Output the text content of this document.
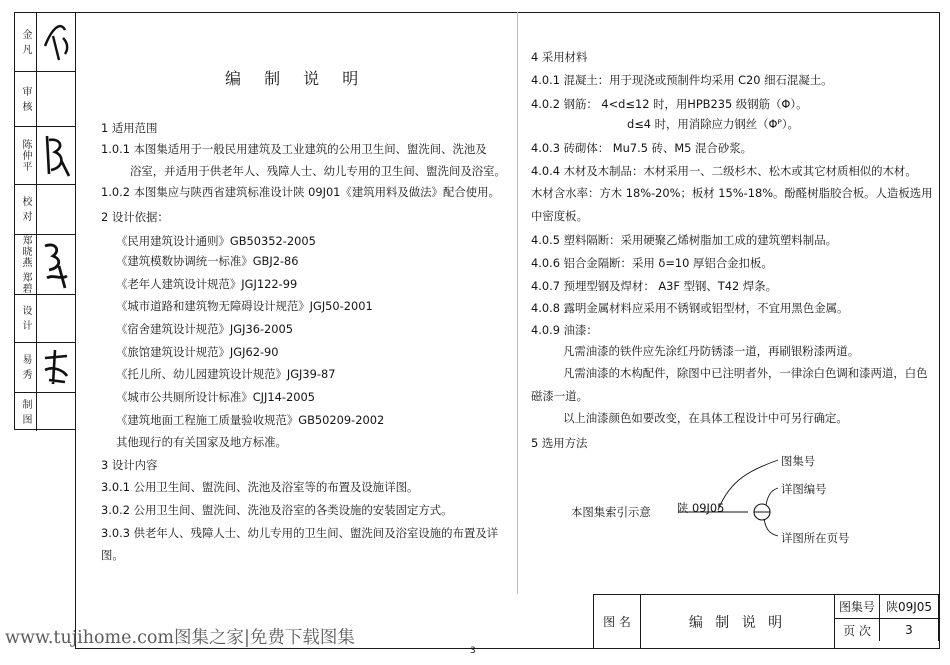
金 凡
审 核
陈仲平
校 对
郑晓燕 郑碧
设 计
易 秀
制 图
编 制 说 明
1 适用范围
1.0.1 本图集适用于一般民用建筑及工业建筑的公用卫生间、盥洗间、洗池及
浴室，并适用于供老年人、残障人士、幼儿专用的卫生间、盥洗间及浴室。
1.0.2 本图集应与陕西省建筑标准设计陕 09J01《建筑用料及做法》配合使用。
2 设计依据：
《民用建筑设计通则》GB50352-2005
《建筑模数协调统一标准》GBJ2-86
《老年人建筑设计规范》JGJ122-99
《城市道路和建筑物无障碍设计规范》JGJ50-2001
《宿舍建筑设计规范》JGJ36-2005
《旅馆建筑设计规范》JGJ62-90
《托儿所、幼儿园建筑设计规范》JGJ39-87
《城市公共厕所设计标准》CJJ14-2005
《建筑地面工程施工质量验收规范》GB50209-2002
其他现行的有关国家及地方标准。
3 设计内容
3.0.1 公用卫生间、盥洗间、洗池及浴室等的布置及设施详图。
3.0.2 公用卫生间、盥洗间、洗池及浴室的各类设施的安装固定方式。
3.0.3 供老年人、残障人士、幼儿专用的卫生间、盥洗间及浴室设施的布置及详
图。
4 采用材料
4.0.1 混凝土：用于现浇或预制件均采用 C20 细石混凝土。
4.0.2 钢筋： 4<d≤12 时，用HPB235 级钢筋（Φ）。
d≤4 时，用消除应力钢丝（Φᴾ）。
4.0.3 砖砌体： Mu7.5 砖、M5 混合砂浆。
4.0.4 木材及木制品：木材采用一、二级杉木、松木或其它材质相似的木材。
木材含水率：方木 18%-20%；板材 15%-18%。酚醛树脂胶合板。人造板选用
中密度板。
4.0.5 塑料隔断：采用硬聚乙烯树脂加工成的建筑塑料制品。
4.0.6 铝合金隔断：采用 δ=10 厚铝合金扣板。
4.0.7 预埋型钢及焊材： A3F 型钢、T42 焊条。
4.0.8 露明金属材料应采用不锈钢或铝型材，不宜用黑色金属。
4.0.9 油漆：
凡需油漆的铁件应先涂红丹防锈漆一道，再刷银粉漆两道。
凡需油漆的木构配件，除图中已注明者外，一律涂白色调和漆两道，白色
磁漆一道。
以上油漆颜色如要改变，在具体工程设计中可另行确定。
5 选用方法
本图集索引示意 陕 09J05
图集号
详图编号
详图所在页号
图 名	编 制 说 明
图集号 陕09J05
页 次	3
www.tujihome.com图集之家|免费下载图集
3
